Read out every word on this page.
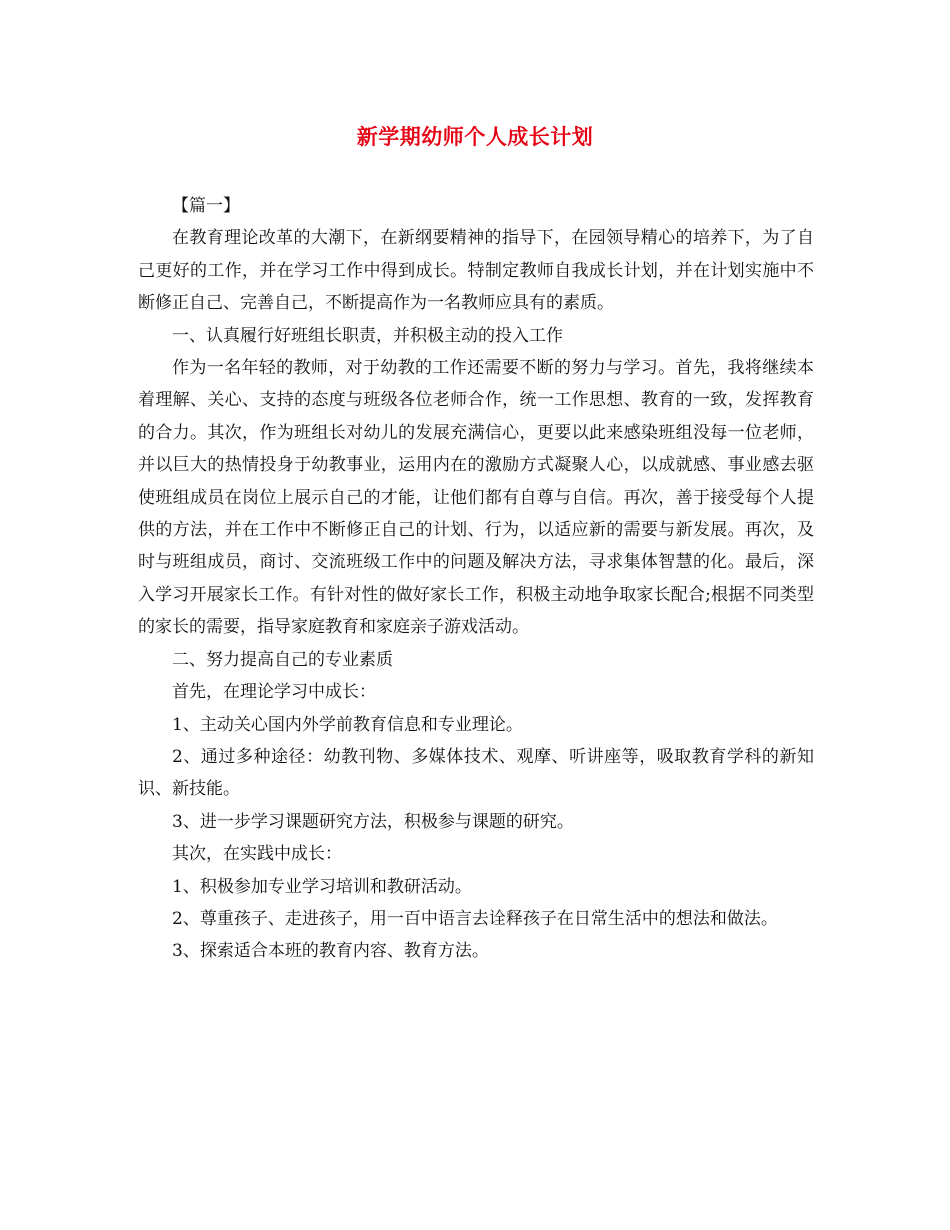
新学期幼师个人成长计划

【篇一】

在教育理论改革的大潮下，在新纲要精神的指导下，在园领导精心的培养下，为了自己更好的工作，并在学习工作中得到成长。特制定教师自我成长计划，并在计划实施中不断修正自己、完善自己，不断提高作为一名教师应具有的素质。

一、认真履行好班组长职责，并积极主动的投入工作

作为一名年轻的教师，对于幼教的工作还需要不断的努力与学习。首先，我将继续本着理解、关心、支持的态度与班级各位老师合作，统一工作思想、教育的一致，发挥教育的合力。其次，作为班组长对幼儿的发展充满信心，更要以此来感染班组没每一位老师，并以巨大的热情投身于幼教事业，运用内在的激励方式凝聚人心，以成就感、事业感去驱使班组成员在岗位上展示自己的才能，让他们都有自尊与自信。再次，善于接受每个人提供的方法，并在工作中不断修正自己的计划、行为，以适应新的需要与新发展。再次，及时与班组成员，商讨、交流班级工作中的问题及解决方法，寻求集体智慧的化。最后，深入学习开展家长工作。有针对性的做好家长工作，积极主动地争取家长配合;根据不同类型的家长的需要，指导家庭教育和家庭亲子游戏活动。

二、努力提高自己的专业素质

首先，在理论学习中成长：

1、主动关心国内外学前教育信息和专业理论。

2、通过多种途径：幼教刊物、多媒体技术、观摩、听讲座等，吸取教育学科的新知识、新技能。

3、进一步学习课题研究方法，积极参与课题的研究。

其次，在实践中成长：

1、积极参加专业学习培训和教研活动。

2、尊重孩子、走进孩子，用一百中语言去诠释孩子在日常生活中的想法和做法。

3、探索适合本班的教育内容、教育方法。
